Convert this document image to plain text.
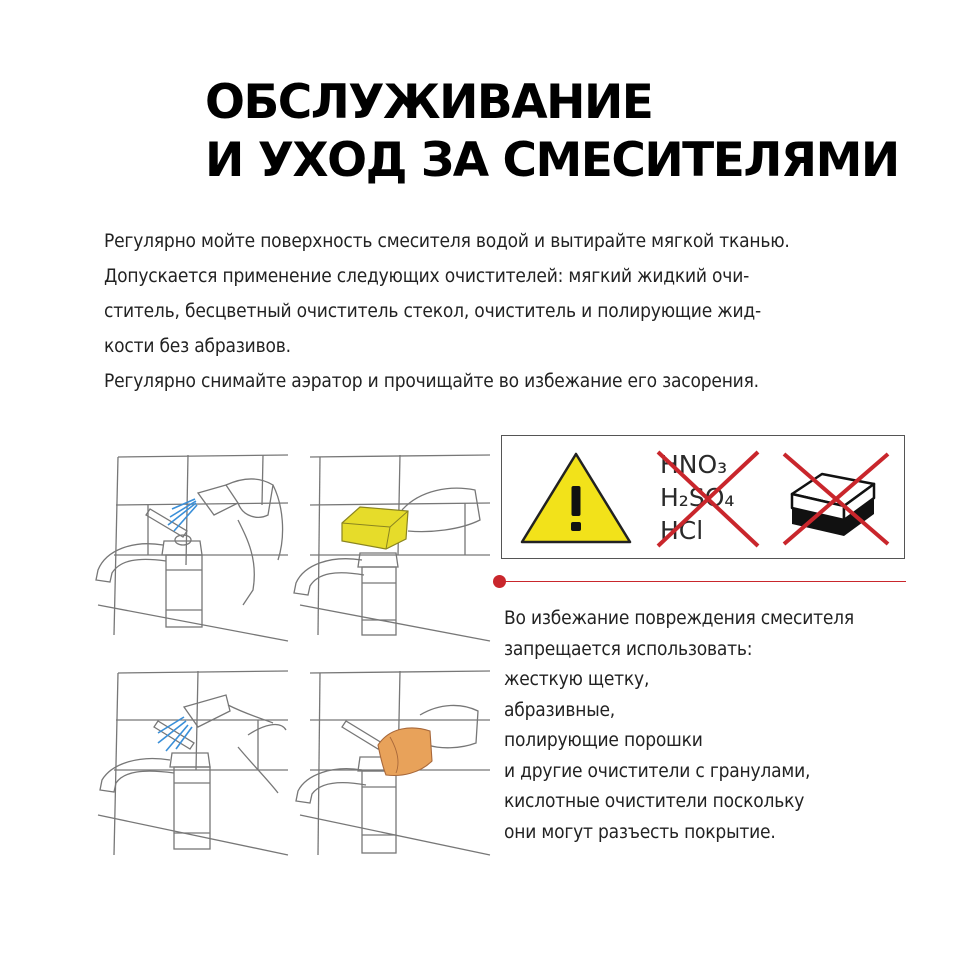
ОБСЛУЖИВАНИЕ
И УХОД ЗА СМЕСИТЕЛЯМИ
Регулярно мойте поверхность смесителя водой и вытирайте мягкой тканью.
Допускается применение следующих очистителей: мягкий жидкий очи-
ститель, бесцветный очиститель стекол, очиститель и полирующие жид-
кости без абразивов.
Регулярно снимайте аэратор и прочищайте во избежание его засорения.
HNO₃
H₂SO₄
HCl
Во избежание повреждения смесителя
запрещается использовать:
жесткую щетку,
абразивные,
полирующие порошки
и другие очистители с гранулами,
кислотные очистители поскольку
они могут разъесть покрытие.
